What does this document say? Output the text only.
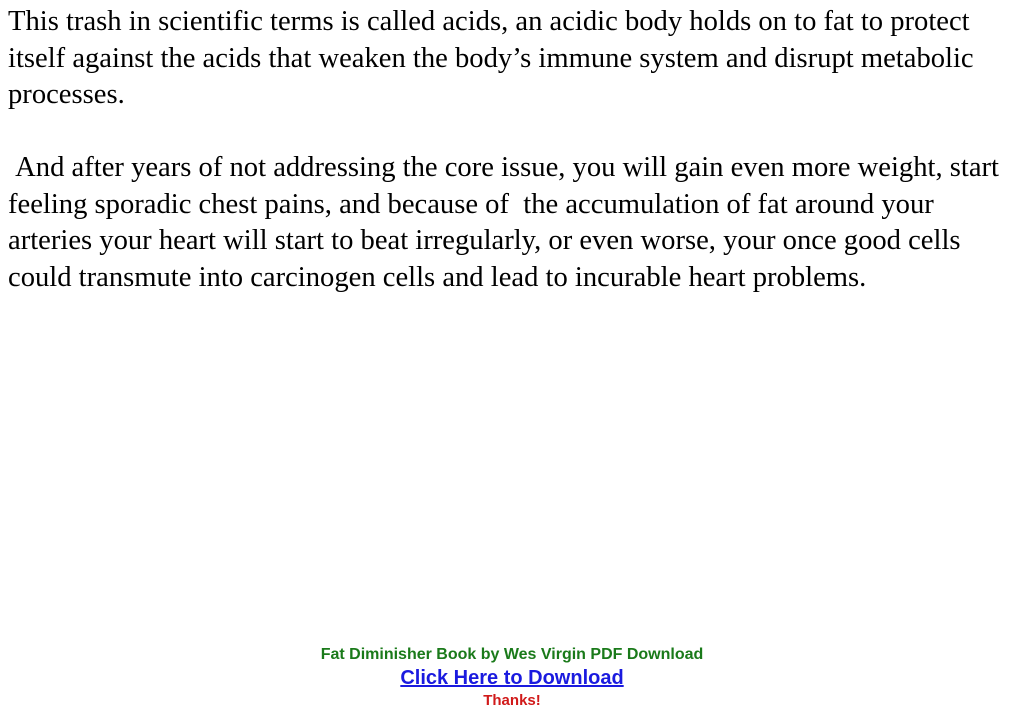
This trash in scientific terms is called acids, an acidic body holds on to fat to protect itself against the acids that weaken the body’s immune system and disrupt metabolic processes.

And after years of not addressing the core issue, you will gain even more weight, start feeling sporadic chest pains, and because of  the accumulation of fat around your arteries your heart will start to beat irregularly, or even worse, your once good cells could transmute into carcinogen cells and lead to incurable heart problems.

Fat Diminisher Book by Wes Virgin PDF Download
Click Here to Download
Thanks!
